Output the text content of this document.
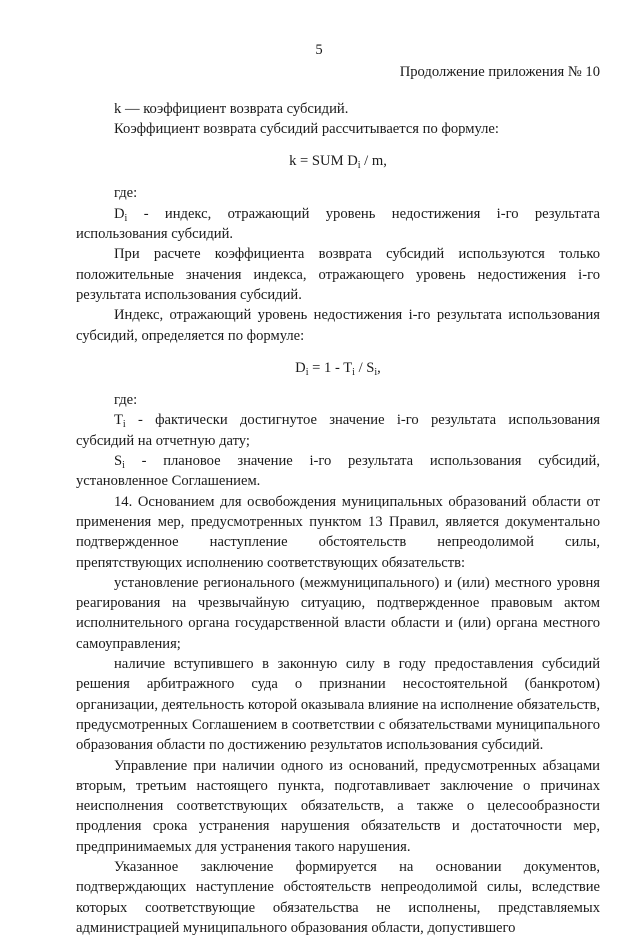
5
Продолжение приложения № 10

k — коэффициент возврата субсидий.

Коэффициент возврата субсидий рассчитывается по формуле:

k = SUM $D_i$ / m,

где:

$D_i$ - индекс, отражающий уровень недостижения i-го результата использования субсидий.

При расчете коэффициента возврата субсидий используются только положительные значения индекса, отражающего уровень недостижения i-го результата использования субсидий.

Индекс, отражающий уровень недостижения i-го результата использования субсидий, определяется по формуле:

$D_i = 1 - T_i / S_i$,

где:

$T_i$ - фактически достигнутое значение i-го результата использования субсидий на отчетную дату;

$S_i$ - плановое значение i-го результата использования субсидий, установленное Соглашением.

14. Основанием для освобождения муниципальных образований области от применения мер, предусмотренных пунктом 13 Правил, является документально подтвержденное наступление обстоятельств непреодолимой силы, препятствующих исполнению соответствующих обязательств:

установление регионального (межмуниципального) и (или) местного уровня реагирования на чрезвычайную ситуацию, подтвержденное правовым актом исполнительного органа государственной власти области и (или) органа местного самоуправления;

наличие вступившего в законную силу в году предоставления субсидий решения арбитражного суда о признании несостоятельной (банкротом) организации, деятельность которой оказывала влияние на исполнение обязательств, предусмотренных Соглашением в соответствии с обязательствами муниципального образования области по достижению результатов использования субсидий.

Управление при наличии одного из оснований, предусмотренных абзацами вторым, третьим настоящего пункта, подготавливает заключение о причинах неисполнения соответствующих обязательств, а также о целесообразности продления срока устранения нарушения обязательств и достаточности мер, предпринимаемых для устранения такого нарушения.

Указанное заключение формируется на основании документов, подтверждающих наступление обстоятельств непреодолимой силы, вследствие которых соответствующие обязательства не исполнены, представляемых администрацией муниципального образования области, допустившего
